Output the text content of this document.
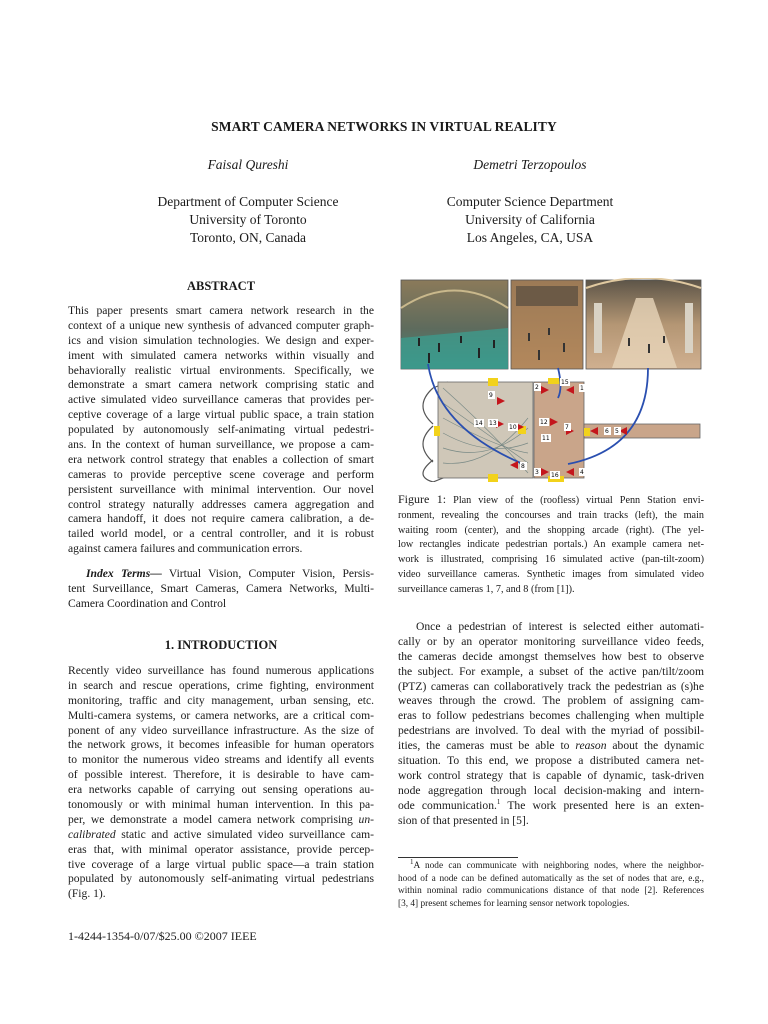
SMART CAMERA NETWORKS IN VIRTUAL REALITY
Faisal Qureshi	Demetri Terzopoulos
Department of Computer Science
University of Toronto
Toronto, ON, Canada
Computer Science Department
University of California
Los Angeles, CA, USA
ABSTRACT
This paper presents smart camera network research in the
context of a unique new synthesis of advanced computer graph-
ics and vision simulation technologies. We design and exper-
iment with simulated camera networks within visually and
behaviorally realistic virtual environments. Specifically, we
demonstrate a smart camera network comprising static and
active simulated video surveillance cameras that provides per-
ceptive coverage of a large virtual public space, a train station
populated by autonomously self-animating virtual pedestri-
ans. In the context of human surveillance, we propose a cam-
era network control strategy that enables a collection of smart
cameras to provide perceptive scene coverage and perform
persistent surveillance with minimal intervention. Our novel
control strategy naturally addresses camera aggregation and
camera handoff, it does not require camera calibration, a de-
tailed world model, or a central controller, and it is robust
against camera failures and communication errors.
Index Terms— Virtual Vision, Computer Vision, Persis-
tent Surveillance, Smart Cameras, Camera Networks, Multi-
Camera Coordination and Control
1. INTRODUCTION
Recently video surveillance has found numerous applications
in search and rescue operations, crime fighting, environment
monitoring, traffic and city management, urban sensing, etc.
Multi-camera systems, or camera networks, are a critical com-
ponent of any video surveillance infrastructure. As the size of
the network grows, it becomes infeasible for human operators
to monitor the numerous video streams and identify all events
of possible interest. Therefore, it is desirable to have cam-
era networks capable of carrying out sensing operations au-
tonomously or with minimal human intervention. In this pa-
per, we demonstrate a model camera network comprising un-
calibrated static and active simulated video surveillance cam-
eras that, with minimal operator assistance, provide percep-
tive coverage of a large virtual public space—a train station
populated by autonomously self-animating virtual pedestrians
(Fig. 1).
1-4244-1354-0/07/$25.00 ©2007 IEEE
2
15
1
9
14 13
10
12
7
6 5
11
8
3 16	4
Figure 1: Plan view of the (roofless) virtual Penn Station envi-
ronment, revealing the concourses and train tracks (left), the main
waiting room (center), and the shopping arcade (right). (The yel-
low rectangles indicate pedestrian portals.) An example camera net-
work is illustrated, comprising 16 simulated active (pan-tilt-zoom)
video surveillance cameras. Synthetic images from simulated video
surveillance cameras 1, 7, and 8 (from [1]).
Once a pedestrian of interest is selected either automati-
cally or by an operator monitoring surveillance video feeds,
the cameras decide amongst themselves how best to observe
the subject. For example, a subset of the active pan/tilt/zoom
(PTZ) cameras can collaboratively track the pedestrian as (s)he
weaves through the crowd. The problem of assigning cam-
eras to follow pedestrians becomes challenging when multiple
pedestrians are involved. To deal with the myriad of possibil-
ities, the cameras must be able to reason about the dynamic
situation. To this end, we propose a distributed camera net-
work control strategy that is capable of dynamic, task-driven
node aggregation through local decision-making and intern-
ode communication.$^1$ The work presented here is an exten-
sion of that presented in [5].
$^1$A node can communicate with neighboring nodes, where the neighbor-
hood of a node can be defined automatically as the set of nodes that are, e.g.,
within nominal radio communications distance of that node [2]. References
[3, 4] present schemes for learning sensor network topologies.
